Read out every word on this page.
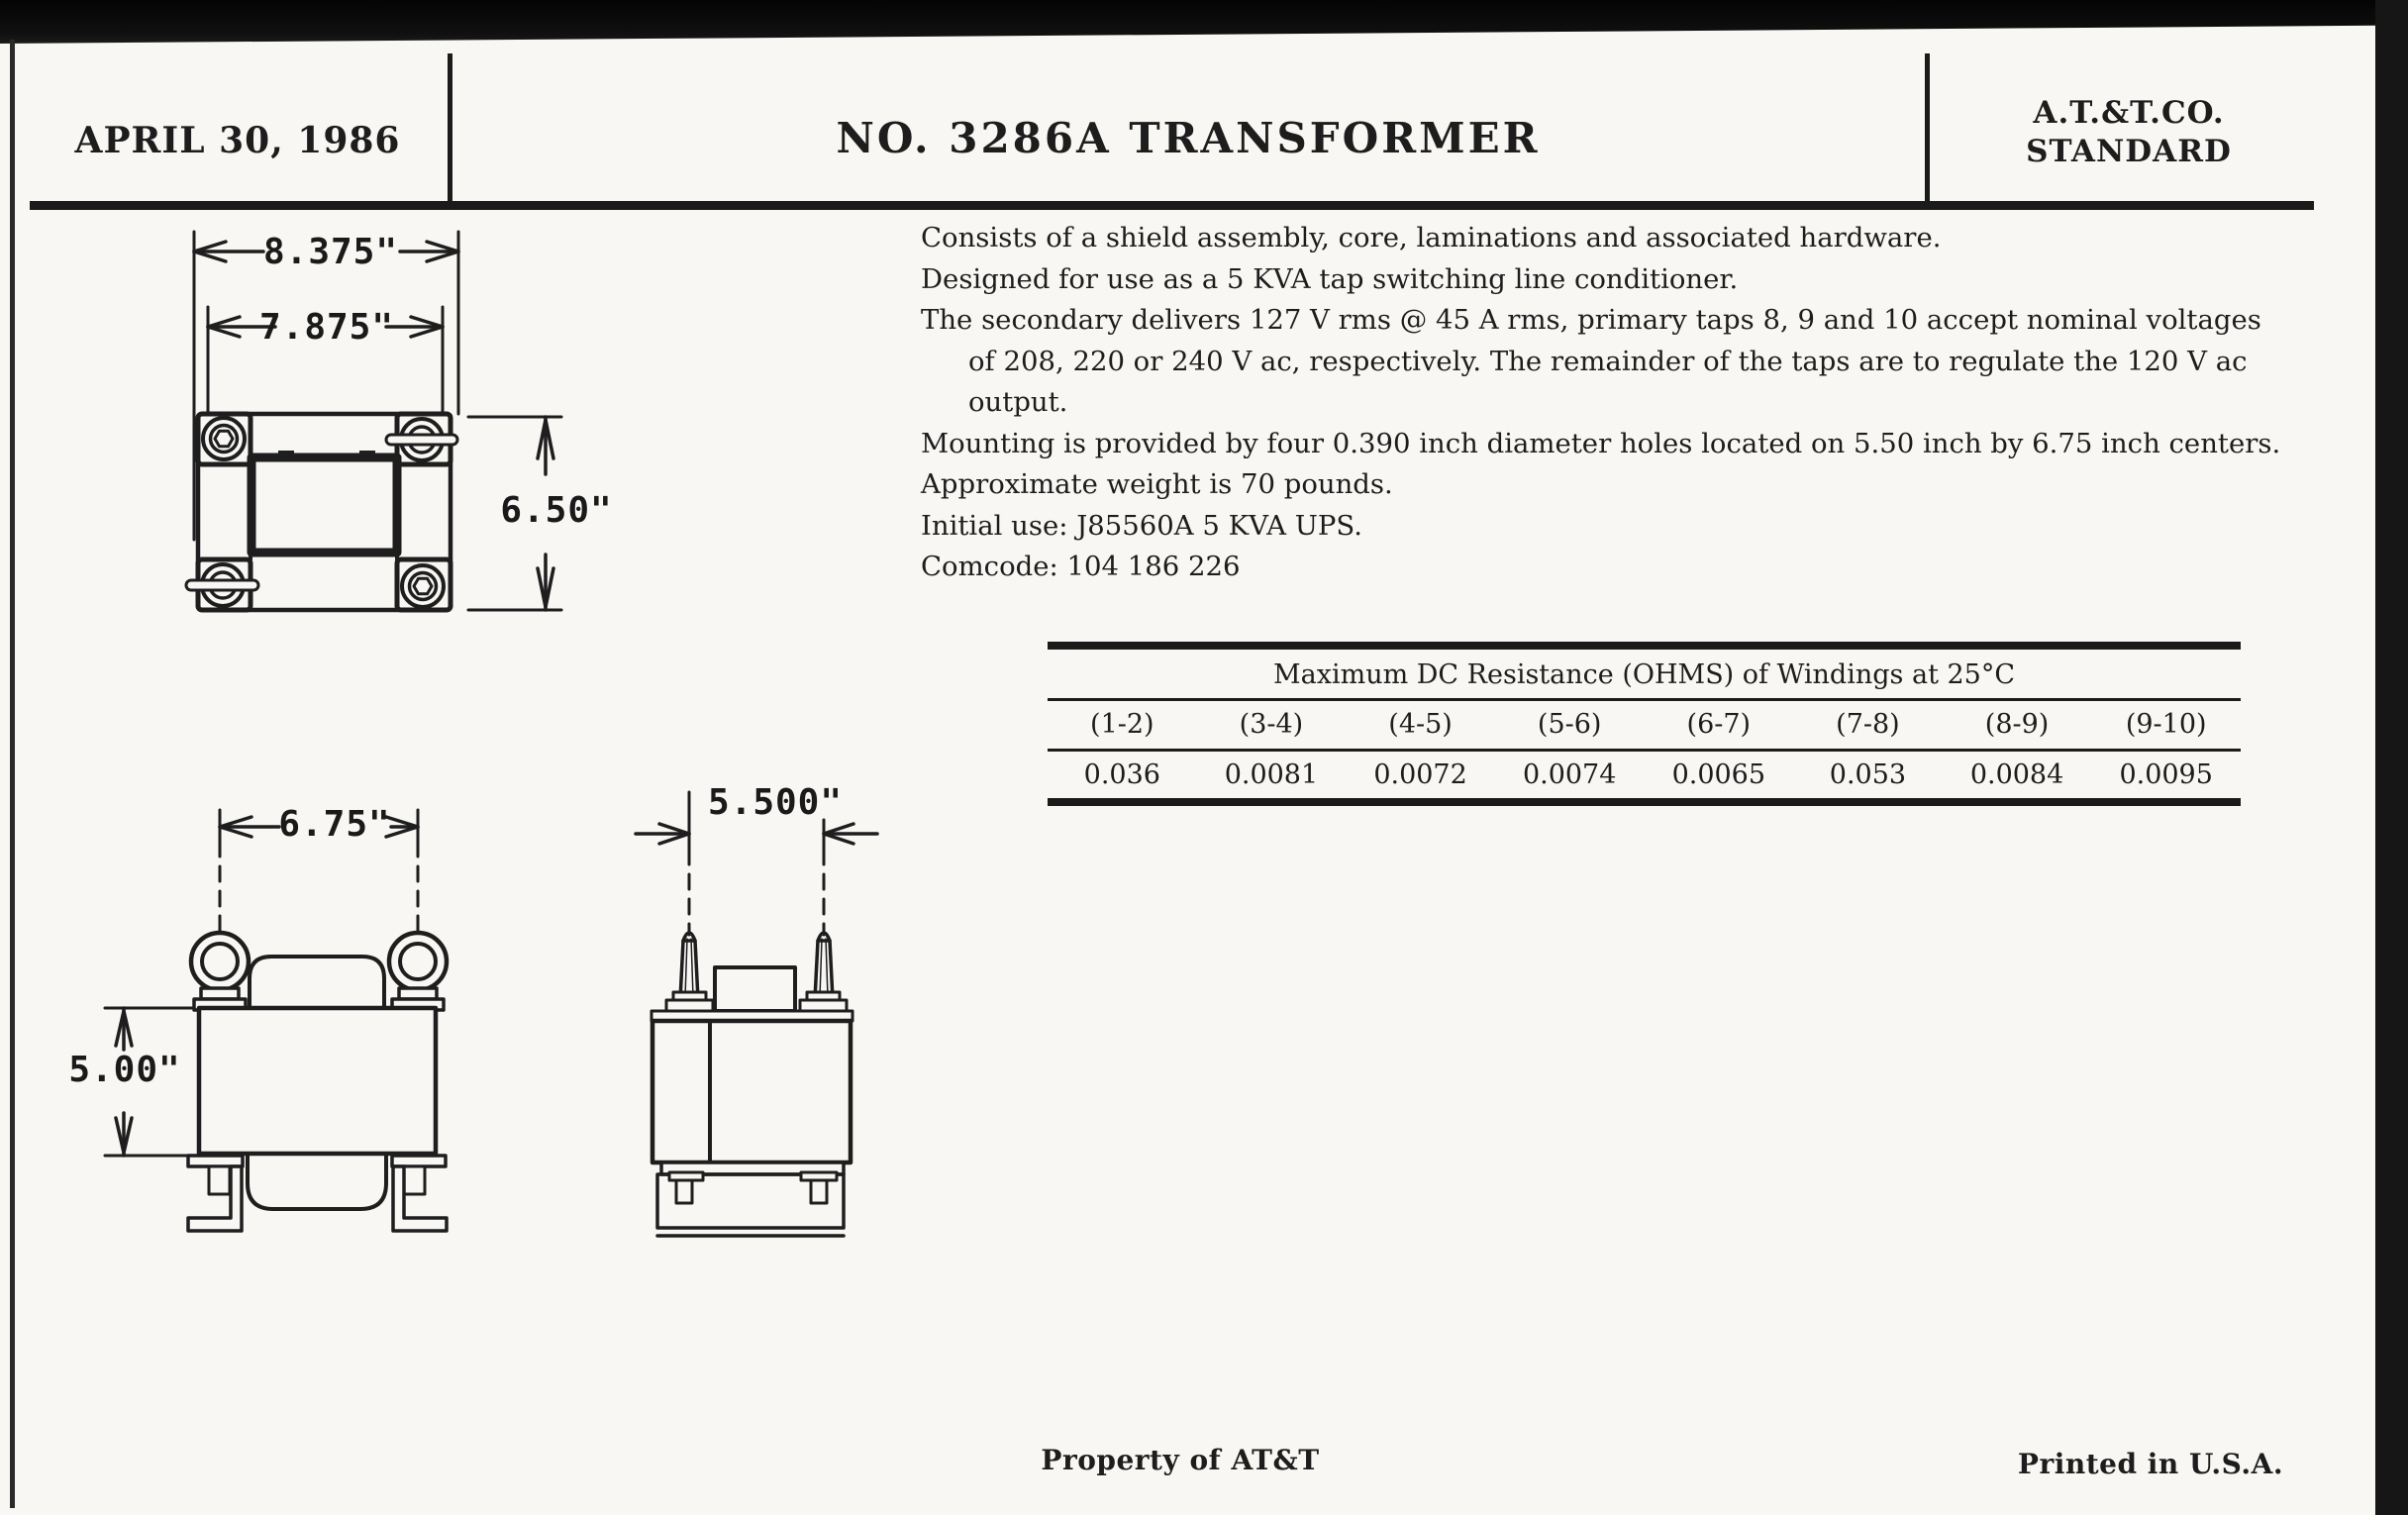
APRIL 30, 1986	NO. 3286A TRANSFORMER
A.T.&T.CO.
STANDARD
Consists of a shield assembly, core, laminations and associated hardware.
Designed for use as a 5 KVA tap switching line conditioner.
The secondary delivers 127 V rms @ 45 A rms, primary taps 8, 9 and 10 accept nominal voltages
of 208, 220 or 240 V ac, respectively. The remainder of the taps are to regulate the 120 V ac
output.
Mounting is provided by four 0.390 inch diameter holes located on 5.50 inch by 6.75 inch centers.
Approximate weight is 70 pounds.
Initial use: J85560A 5 KVA UPS.
Comcode: 104 186 226
Maximum DC Resistance (OHMS) of Windings at 25°C
(1-2)	(3-4)	(4-5)	(5-6)	(6-7)	(7-8)	(8-9)	(9-10)
0.036	0.0081	0.0072	0.0074	0.0065	0.053	0.0084	0.0095
8.375"
7.875"
6.50"
6.75"
5.00"
5.500"
Property of AT&T	Printed in U.S.A.
